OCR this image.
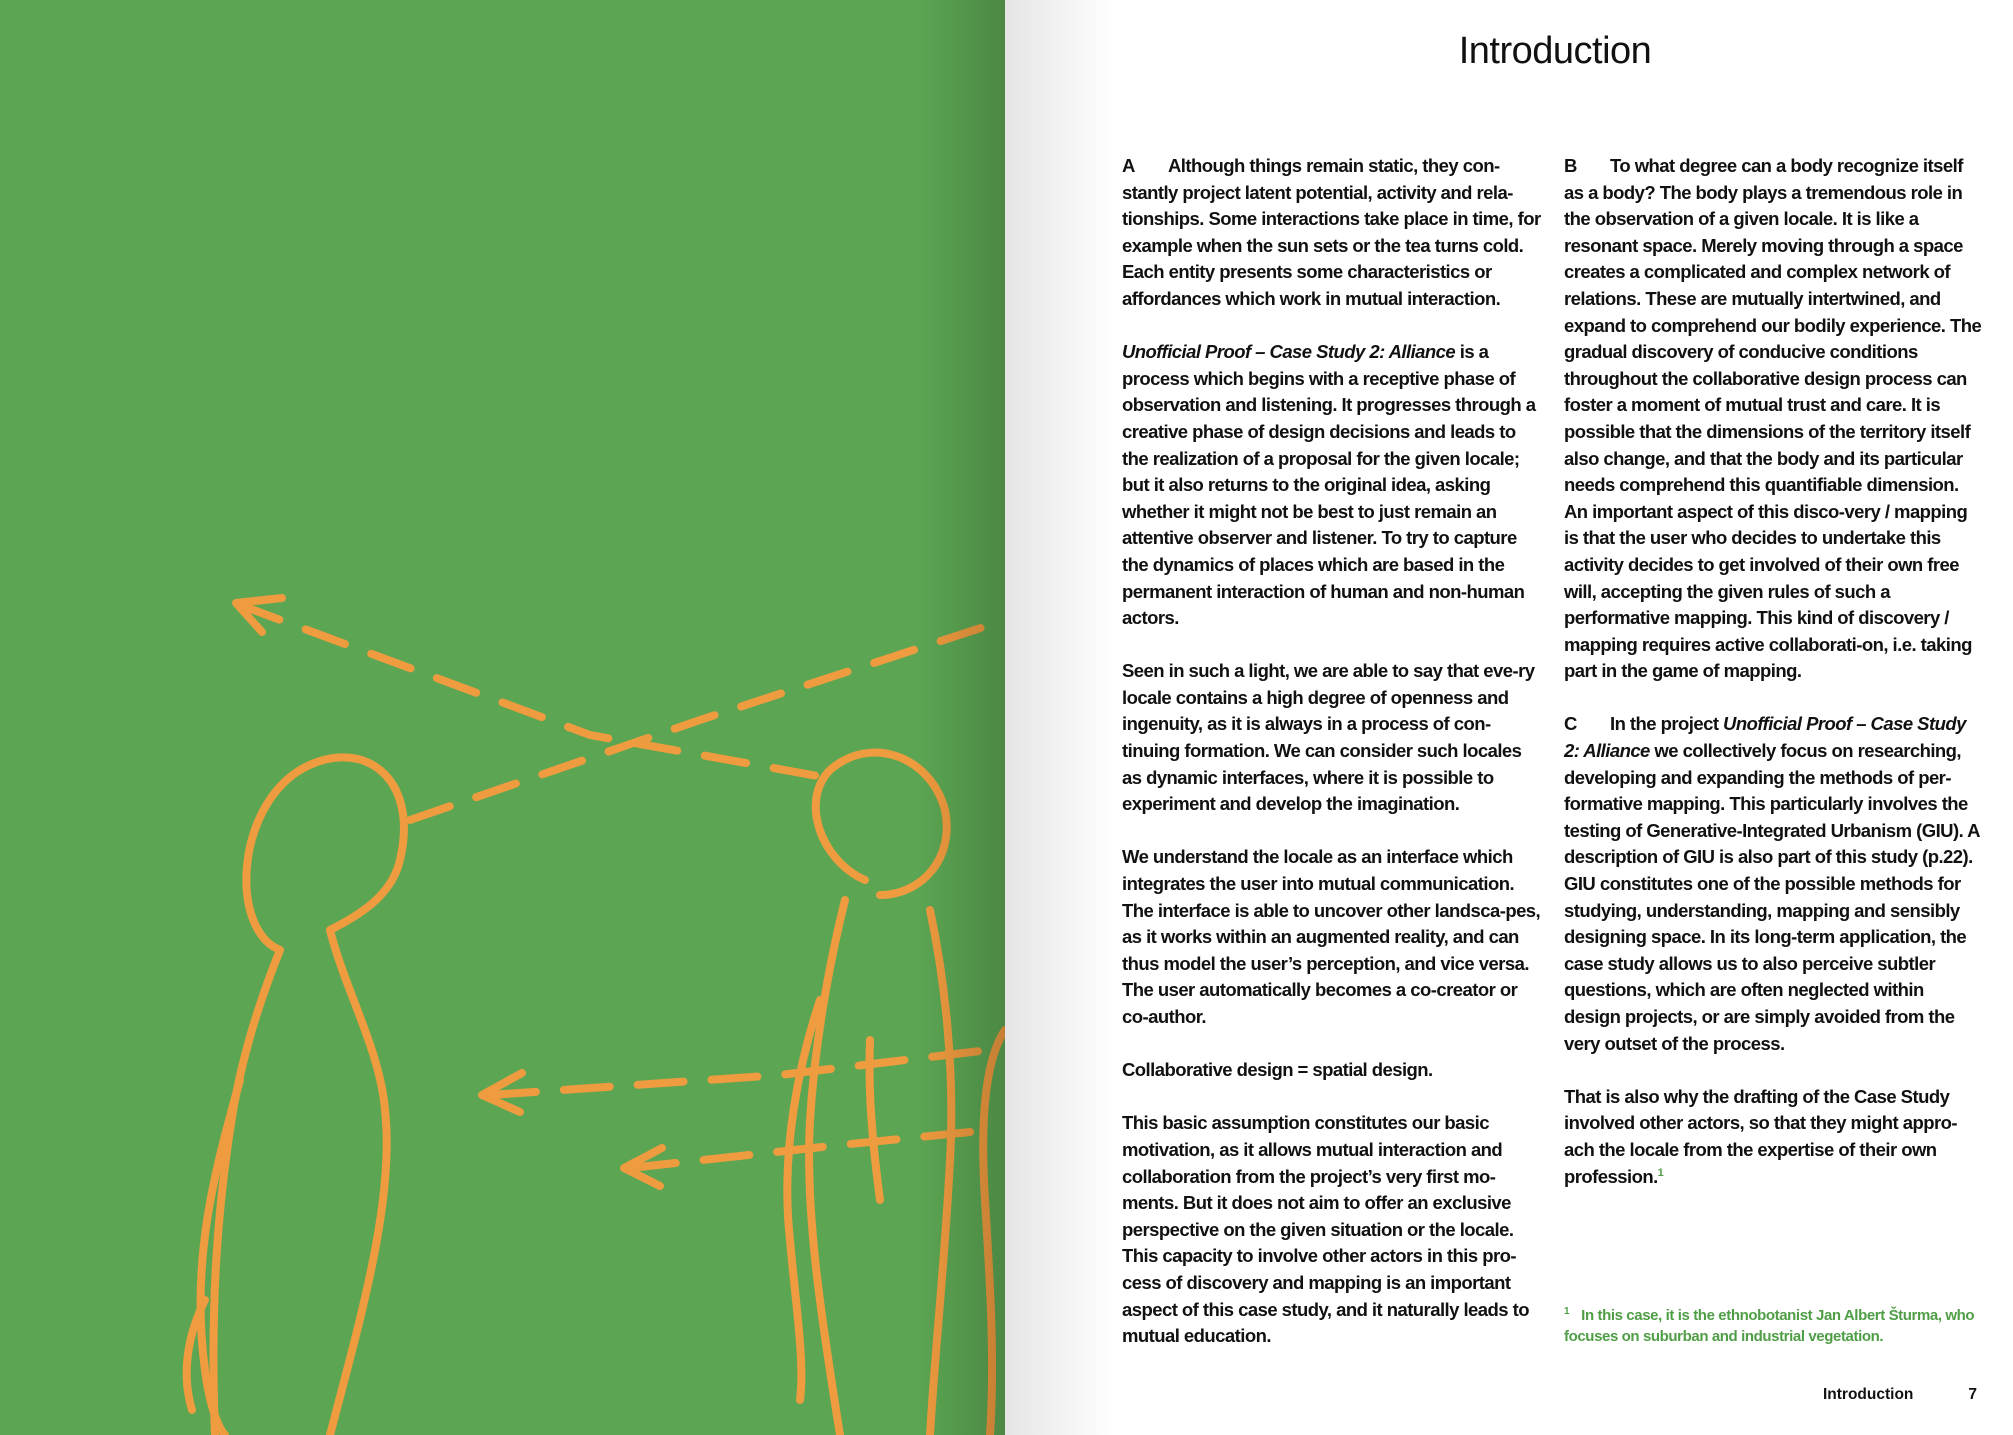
Introduction

A Although things remain static, they con-stantly project latent potential, activity and rela-tionships. Some interactions take place in time, for example when the sun sets or the tea turns cold. Each entity presents some characteristics or affordances which work in mutual interaction.

Unofficial Proof – Case Study 2: Alliance is a process which begins with a receptive phase of observation and listening. It progresses through a creative phase of design decisions and leads to the realization of a proposal for the given locale; but it also returns to the original idea, asking whether it might not be best to just remain an attentive observer and listener. To try to capture the dynamics of places which are based in the permanent interaction of human and non-human actors.

Seen in such a light, we are able to say that eve-ry locale contains a high degree of openness and ingenuity, as it is always in a process of con-tinuing formation. We can consider such locales as dynamic interfaces, where it is possible to experiment and develop the imagination.

We understand the locale as an interface which integrates the user into mutual communication. The interface is able to uncover other landsca-pes, as it works within an augmented reality, and can thus model the user’s perception, and vice versa. The user automatically becomes a co-creator or co-author.

Collaborative design = spatial design.

This basic assumption constitutes our basic motivation, as it allows mutual interaction and collaboration from the project’s very first mo-ments. But it does not aim to offer an exclusive perspective on the given situation or the locale. This capacity to involve other actors in this pro-cess of discovery and mapping is an important aspect of this case study, and it naturally leads to mutual education.

B To what degree can a body recognize itself as a body? The body plays a tremendous role in the observation of a given locale. It is like a resonant space. Merely moving through a space creates a complicated and complex network of relations. These are mutually intertwined, and expand to comprehend our bodily experience. The gradual discovery of conducive conditions throughout the collaborative design process can foster a moment of mutual trust and care. It is possible that the dimensions of the territory itself also change, and that the body and its particular needs comprehend this quantifiable dimension. An important aspect of this disco-very / mapping is that the user who decides to undertake this activity decides to get involved of their own free will, accepting the given rules of such a performative mapping. This kind of discovery / mapping requires active collaborati-on, i.e. taking part in the game of mapping.

C In the project Unofficial Proof – Case Study 2: Alliance we collectively focus on researching, developing and expanding the methods of per-formative mapping. This particularly involves the testing of Generative-Integrated Urbanism (GIU). A description of GIU is also part of this study (p.22). GIU constitutes one of the possible methods for studying, understanding, mapping and sensibly designing space. In its long-term application, the case study allows us to also perceive subtler questions, which are often neglected within design projects, or are simply avoided from the very outset of the process.

That is also why the drafting of the Case Study involved other actors, so that they might appro-ach the locale from the expertise of their own profession.$^1$

$^1$ In this case, it is the ethnobotanist Jan Albert Šturma, who focuses on suburban and industrial vegetation.
Introduction	7
